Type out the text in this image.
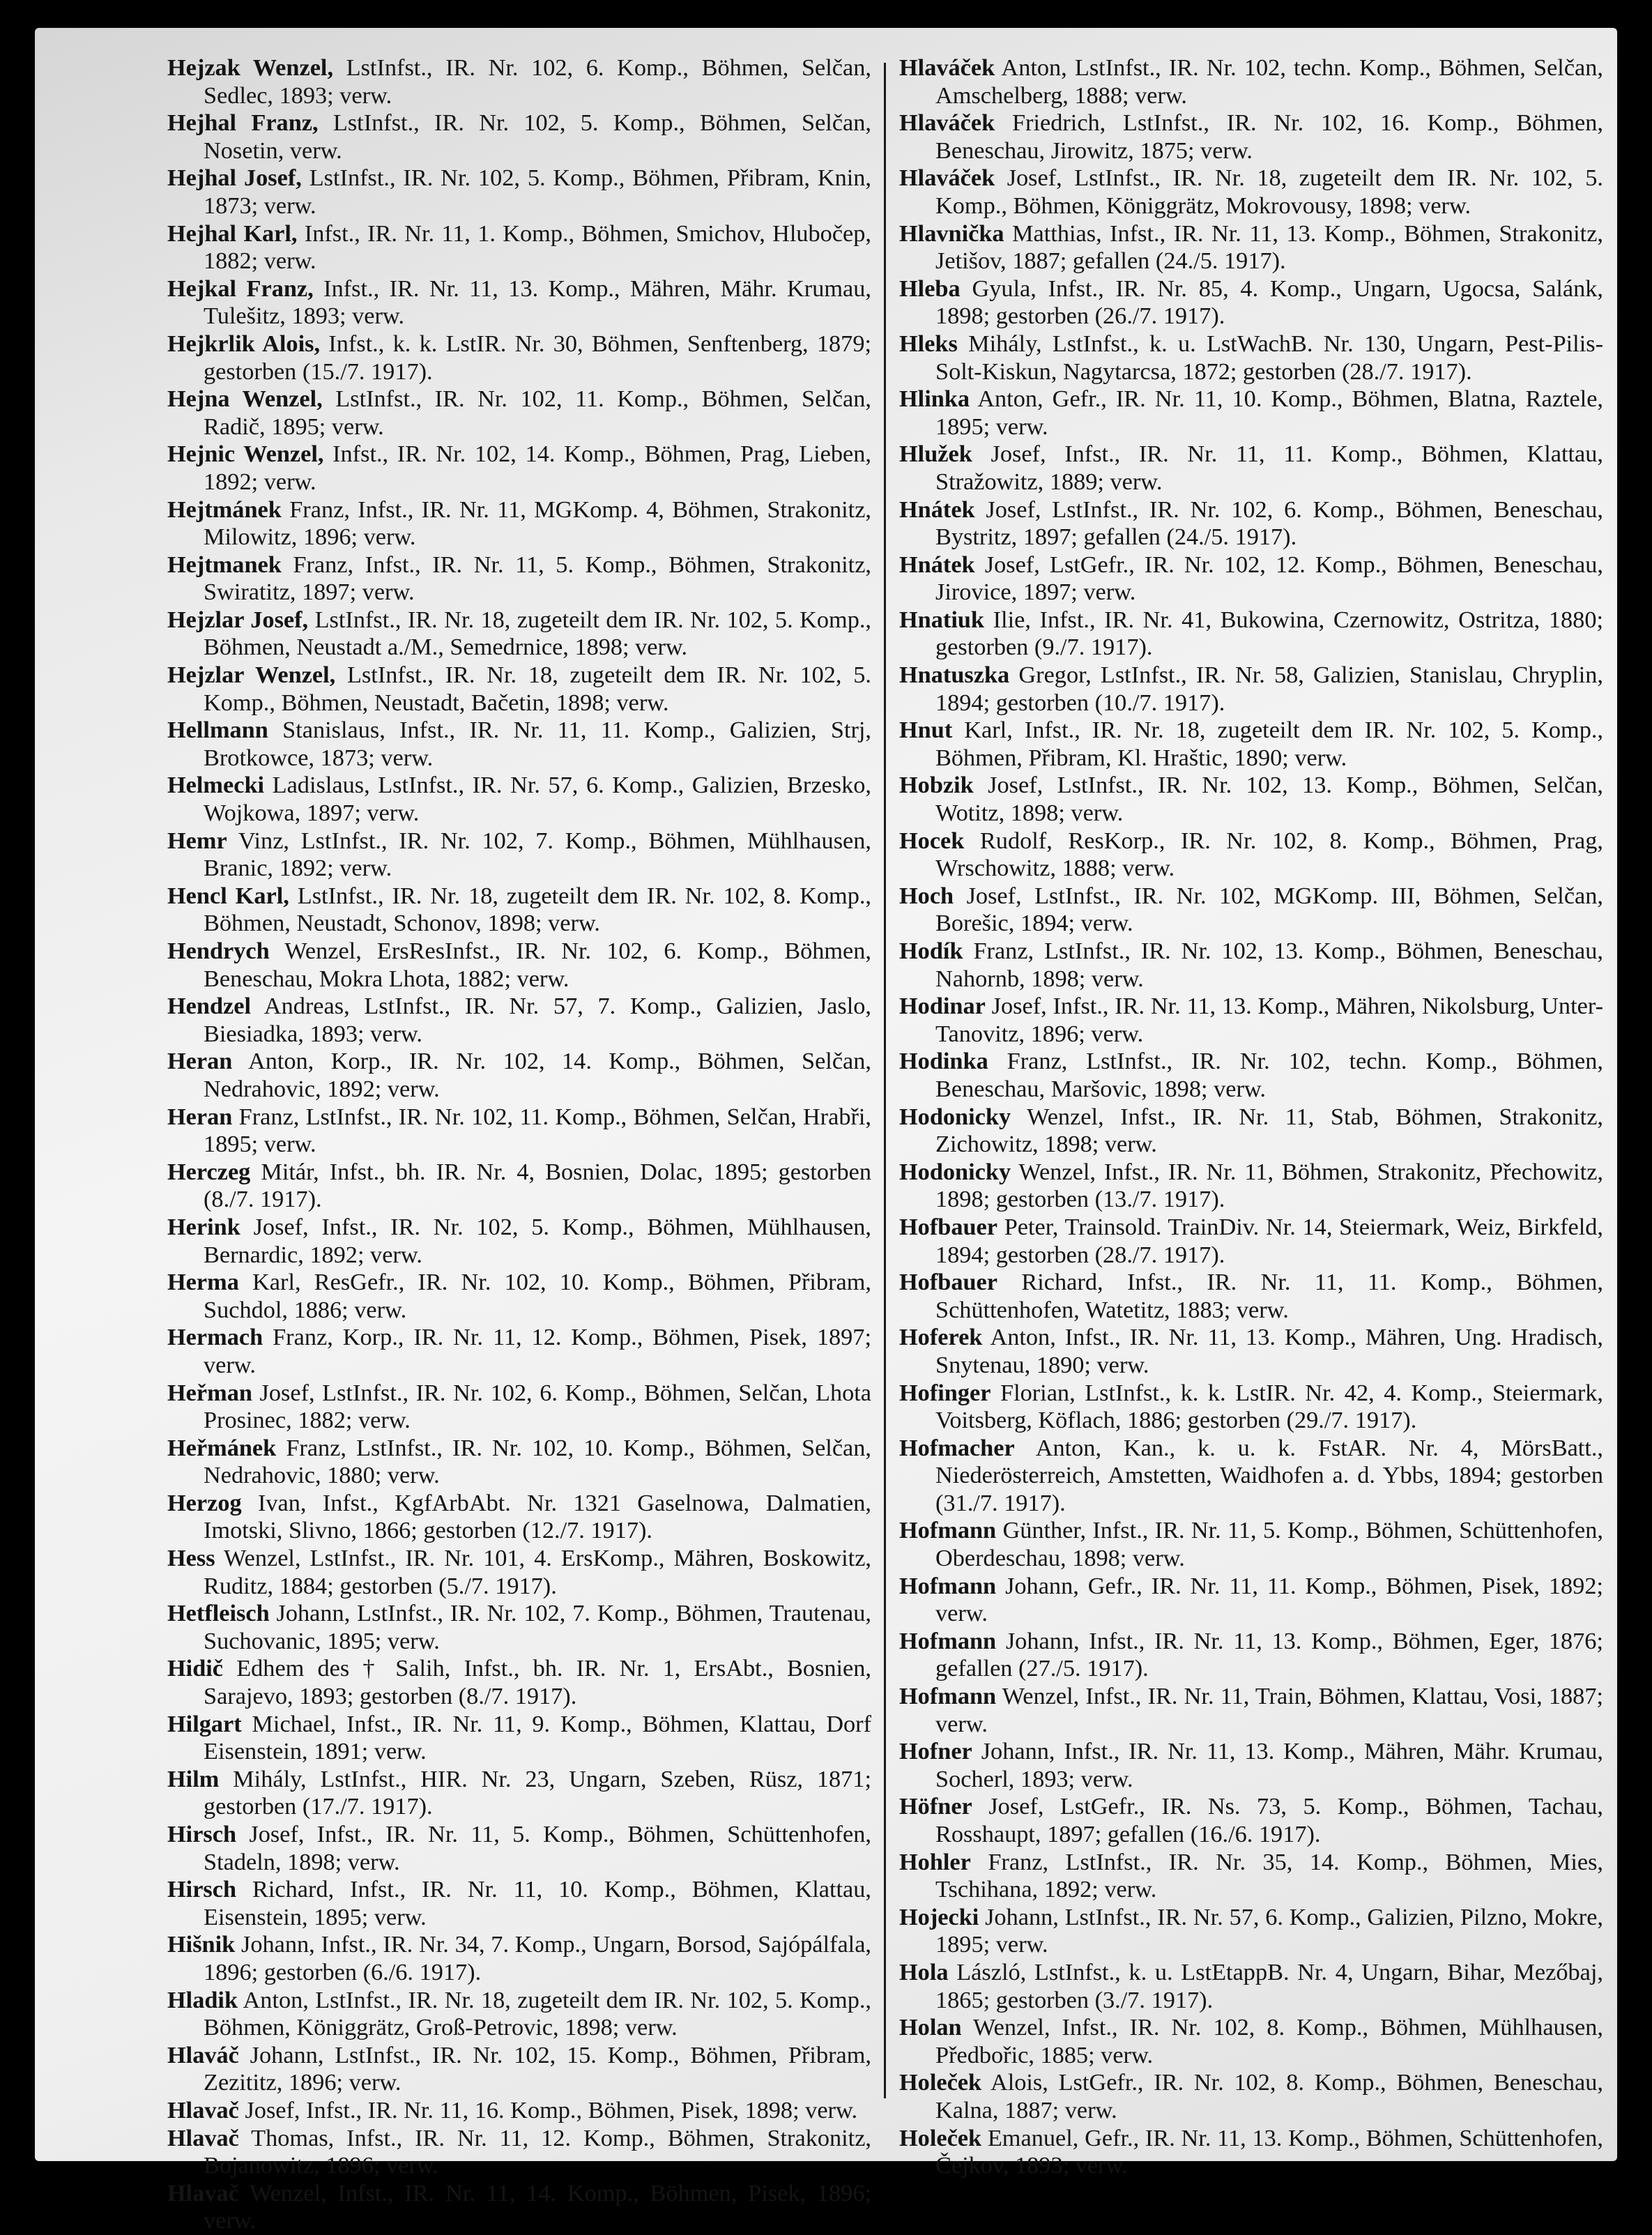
Hejzak Wenzel, LstInfst., IR. Nr. 102, 6. Komp., Böhmen, Selčan, Sedlec, 1893; verw.

Hejhal Franz, LstInfst., IR. Nr. 102, 5. Komp., Böhmen, Selčan, Nosetin, verw.

Hejhal Josef, LstInfst., IR. Nr. 102, 5. Komp., Böhmen, Přibram, Knin, 1873; verw.

Hejhal Karl, Infst., IR. Nr. 11, 1. Komp., Böhmen, Smichov, Hlubočep, 1882; verw.

Hejkal Franz, Infst., IR. Nr. 11, 13. Komp., Mähren, Mähr. Krumau, Tulešitz, 1893; verw.

Hejkrlik Alois, Infst., k. k. LstIR. Nr. 30, Böhmen, Senftenberg, 1879; gestorben (15./7. 1917).

Hejna Wenzel, LstInfst., IR. Nr. 102, 11. Komp., Böhmen, Selčan, Radič, 1895; verw.

Hejnic Wenzel, Infst., IR. Nr. 102, 14. Komp., Böhmen, Prag, Lieben, 1892; verw.

Hejtmánek Franz, Infst., IR. Nr. 11, MGKomp. 4, Böhmen, Strakonitz, Milowitz, 1896; verw.

Hejtmanek Franz, Infst., IR. Nr. 11, 5. Komp., Böhmen, Strakonitz, Swiratitz, 1897; verw.

Hejzlar Josef, LstInfst., IR. Nr. 18, zugeteilt dem IR. Nr. 102, 5. Komp., Böhmen, Neustadt a./M., Semedrnice, 1898; verw.

Hejzlar Wenzel, LstInfst., IR. Nr. 18, zugeteilt dem IR. Nr. 102, 5. Komp., Böhmen, Neustadt, Bačetin, 1898; verw.

Hellmann Stanislaus, Infst., IR. Nr. 11, 11. Komp., Galizien, Strj, Brotkowce, 1873; verw.

Helmecki Ladislaus, LstInfst., IR. Nr. 57, 6. Komp., Galizien, Brzesko, Wojkowa, 1897; verw.

Hemr Vinz, LstInfst., IR. Nr. 102, 7. Komp., Böhmen, Mühlhausen, Branic, 1892; verw.

Hencl Karl, LstInfst., IR. Nr. 18, zugeteilt dem IR. Nr. 102, 8. Komp., Böhmen, Neustadt, Schonov, 1898; verw.

Hendrych Wenzel, ErsResInfst., IR. Nr. 102, 6. Komp., Böhmen, Beneschau, Mokra Lhota, 1882; verw.

Hendzel Andreas, LstInfst., IR. Nr. 57, 7. Komp., Galizien, Jaslo, Biesiadka, 1893; verw.

Heran Anton, Korp., IR. Nr. 102, 14. Komp., Böhmen, Selčan, Nedrahovic, 1892; verw.

Heran Franz, LstInfst., IR. Nr. 102, 11. Komp., Böhmen, Selčan, Hrabři, 1895; verw.

Herczeg Mitár, Infst., bh. IR. Nr. 4, Bosnien, Dolac, 1895; gestorben (8./7. 1917).

Herink Josef, Infst., IR. Nr. 102, 5. Komp., Böhmen, Mühlhausen, Bernardic, 1892; verw.

Herma Karl, ResGefr., IR. Nr. 102, 10. Komp., Böhmen, Přibram, Suchdol, 1886; verw.

Hermach Franz, Korp., IR. Nr. 11, 12. Komp., Böhmen, Pisek, 1897; verw.

Heřman Josef, LstInfst., IR. Nr. 102, 6. Komp., Böhmen, Selčan, Lhota Prosinec, 1882; verw.

Heřmánek Franz, LstInfst., IR. Nr. 102, 10. Komp., Böhmen, Selčan, Nedrahovic, 1880; verw.

Herzog Ivan, Infst., KgfArbAbt. Nr. 1321 Gaselnowa, Dalmatien, Imotski, Slivno, 1866; gestorben (12./7. 1917).

Hess Wenzel, LstInfst., IR. Nr. 101, 4. ErsKomp., Mähren, Boskowitz, Ruditz, 1884; gestorben (5./7. 1917).

Hetfleisch Johann, LstInfst., IR. Nr. 102, 7. Komp., Böhmen, Trautenau, Suchovanic, 1895; verw.

Hidič Edhem des † Salih, Infst., bh. IR. Nr. 1, ErsAbt., Bosnien, Sarajevo, 1893; gestorben (8./7. 1917).

Hilgart Michael, Infst., IR. Nr. 11, 9. Komp., Böhmen, Klattau, Dorf Eisenstein, 1891; verw.

Hilm Mihály, LstInfst., HIR. Nr. 23, Ungarn, Szeben, Rüsz, 1871; gestorben (17./7. 1917).

Hirsch Josef, Infst., IR. Nr. 11, 5. Komp., Böhmen, Schüttenhofen, Stadeln, 1898; verw.

Hirsch Richard, Infst., IR. Nr. 11, 10. Komp., Böhmen, Klattau, Eisenstein, 1895; verw.

Hišnik Johann, Infst., IR. Nr. 34, 7. Komp., Ungarn, Borsod, Sajópálfala, 1896; gestorben (6./6. 1917).

Hladik Anton, LstInfst., IR. Nr. 18, zugeteilt dem IR. Nr. 102, 5. Komp., Böhmen, Königgrätz, Groß-Petrovic, 1898; verw.

Hlaváč Johann, LstInfst., IR. Nr. 102, 15. Komp., Böhmen, Přibram, Zezititz, 1896; verw.

Hlavač Josef, Infst., IR. Nr. 11, 16. Komp., Böhmen, Pisek, 1898; verw.

Hlavač Thomas, Infst., IR. Nr. 11, 12. Komp., Böhmen, Strakonitz, Bojanowitz, 1896; verw.

Hlavač Wenzel, Infst., IR. Nr. 11, 14. Komp., Böhmen, Pisek, 1896; verw.

Hlaváček Anton, LstInfst., IR. Nr. 102, techn. Komp., Böhmen, Selčan, Amschelberg, 1888; verw.

Hlaváček Friedrich, LstInfst., IR. Nr. 102, 16. Komp., Böhmen, Beneschau, Jirowitz, 1875; verw.

Hlaváček Josef, LstInfst., IR. Nr. 18, zugeteilt dem IR. Nr. 102, 5. Komp., Böhmen, Königgrätz, Mokrovousy, 1898; verw.

Hlavnička Matthias, Infst., IR. Nr. 11, 13. Komp., Böhmen, Strakonitz, Jetišov, 1887; gefallen (24./5. 1917).

Hleba Gyula, Infst., IR. Nr. 85, 4. Komp., Ungarn, Ugocsa, Salánk, 1898; gestorben (26./7. 1917).

Hleks Mihály, LstInfst., k. u. LstWachB. Nr. 130, Ungarn, Pest-Pilis-Solt-Kiskun, Nagytarcsa, 1872; gestorben (28./7. 1917).

Hlinka Anton, Gefr., IR. Nr. 11, 10. Komp., Böhmen, Blatna, Raztele, 1895; verw.

Hlužek Josef, Infst., IR. Nr. 11, 11. Komp., Böhmen, Klattau, Stražowitz, 1889; verw.

Hnátek Josef, LstInfst., IR. Nr. 102, 6. Komp., Böhmen, Beneschau, Bystritz, 1897; gefallen (24./5. 1917).

Hnátek Josef, LstGefr., IR. Nr. 102, 12. Komp., Böhmen, Beneschau, Jirovice, 1897; verw.

Hnatiuk Ilie, Infst., IR. Nr. 41, Bukowina, Czernowitz, Ostritza, 1880; gestorben (9./7. 1917).

Hnatuszka Gregor, LstInfst., IR. Nr. 58, Galizien, Stanislau, Chryplin, 1894; gestorben (10./7. 1917).

Hnut Karl, Infst., IR. Nr. 18, zugeteilt dem IR. Nr. 102, 5. Komp., Böhmen, Přibram, Kl. Hraštic, 1890; verw.

Hobzik Josef, LstInfst., IR. Nr. 102, 13. Komp., Böhmen, Selčan, Wotitz, 1898; verw.

Hocek Rudolf, ResKorp., IR. Nr. 102, 8. Komp., Böhmen, Prag, Wrschowitz, 1888; verw.

Hoch Josef, LstInfst., IR. Nr. 102, MGKomp. III, Böhmen, Selčan, Borešic, 1894; verw.

Hodík Franz, LstInfst., IR. Nr. 102, 13. Komp., Böhmen, Beneschau, Nahornb, 1898; verw.

Hodinar Josef, Infst., IR. Nr. 11, 13. Komp., Mähren, Nikolsburg, Unter-Tanovitz, 1896; verw.

Hodinka Franz, LstInfst., IR. Nr. 102, techn. Komp., Böhmen, Beneschau, Maršovic, 1898; verw.

Hodonicky Wenzel, Infst., IR. Nr. 11, Stab, Böhmen, Strakonitz, Zichowitz, 1898; verw.

Hodonicky Wenzel, Infst., IR. Nr. 11, Böhmen, Strakonitz, Přechowitz, 1898; gestorben (13./7. 1917).

Hofbauer Peter, Trainsold. TrainDiv. Nr. 14, Steiermark, Weiz, Birkfeld, 1894; gestorben (28./7. 1917).

Hofbauer Richard, Infst., IR. Nr. 11, 11. Komp., Böhmen, Schüttenhofen, Watetitz, 1883; verw.

Hoferek Anton, Infst., IR. Nr. 11, 13. Komp., Mähren, Ung. Hradisch, Snytenau, 1890; verw.

Hofinger Florian, LstInfst., k. k. LstIR. Nr. 42, 4. Komp., Steiermark, Voitsberg, Köflach, 1886; gestorben (29./7. 1917).

Hofmacher Anton, Kan., k. u. k. FstAR. Nr. 4, MörsBatt., Niederösterreich, Amstetten, Waidhofen a. d. Ybbs, 1894; gestorben (31./7. 1917).

Hofmann Günther, Infst., IR. Nr. 11, 5. Komp., Böhmen, Schüttenhofen, Oberdeschau, 1898; verw.

Hofmann Johann, Gefr., IR. Nr. 11, 11. Komp., Böhmen, Pisek, 1892; verw.

Hofmann Johann, Infst., IR. Nr. 11, 13. Komp., Böhmen, Eger, 1876; gefallen (27./5. 1917).

Hofmann Wenzel, Infst., IR. Nr. 11, Train, Böhmen, Klattau, Vosi, 1887; verw.

Hofner Johann, Infst., IR. Nr. 11, 13. Komp., Mähren, Mähr. Krumau, Socherl, 1893; verw.

Höfner Josef, LstGefr., IR. Ns. 73, 5. Komp., Böhmen, Tachau, Rosshaupt, 1897; gefallen (16./6. 1917).

Hohler Franz, LstInfst., IR. Nr. 35, 14. Komp., Böhmen, Mies, Tschihana, 1892; verw.

Hojecki Johann, LstInfst., IR. Nr. 57, 6. Komp., Galizien, Pilzno, Mokre, 1895; verw.

Hola László, LstInfst., k. u. LstEtappB. Nr. 4, Ungarn, Bihar, Mezőbaj, 1865; gestorben (3./7. 1917).

Holan Wenzel, Infst., IR. Nr. 102, 8. Komp., Böhmen, Mühlhausen, Předbořic, 1885; verw.

Holeček Alois, LstGefr., IR. Nr. 102, 8. Komp., Böhmen, Beneschau, Kalna, 1887; verw.

Holeček Emanuel, Gefr., IR. Nr. 11, 13. Komp., Böhmen, Schüttenhofen, Čejkov, 1893; verw.
